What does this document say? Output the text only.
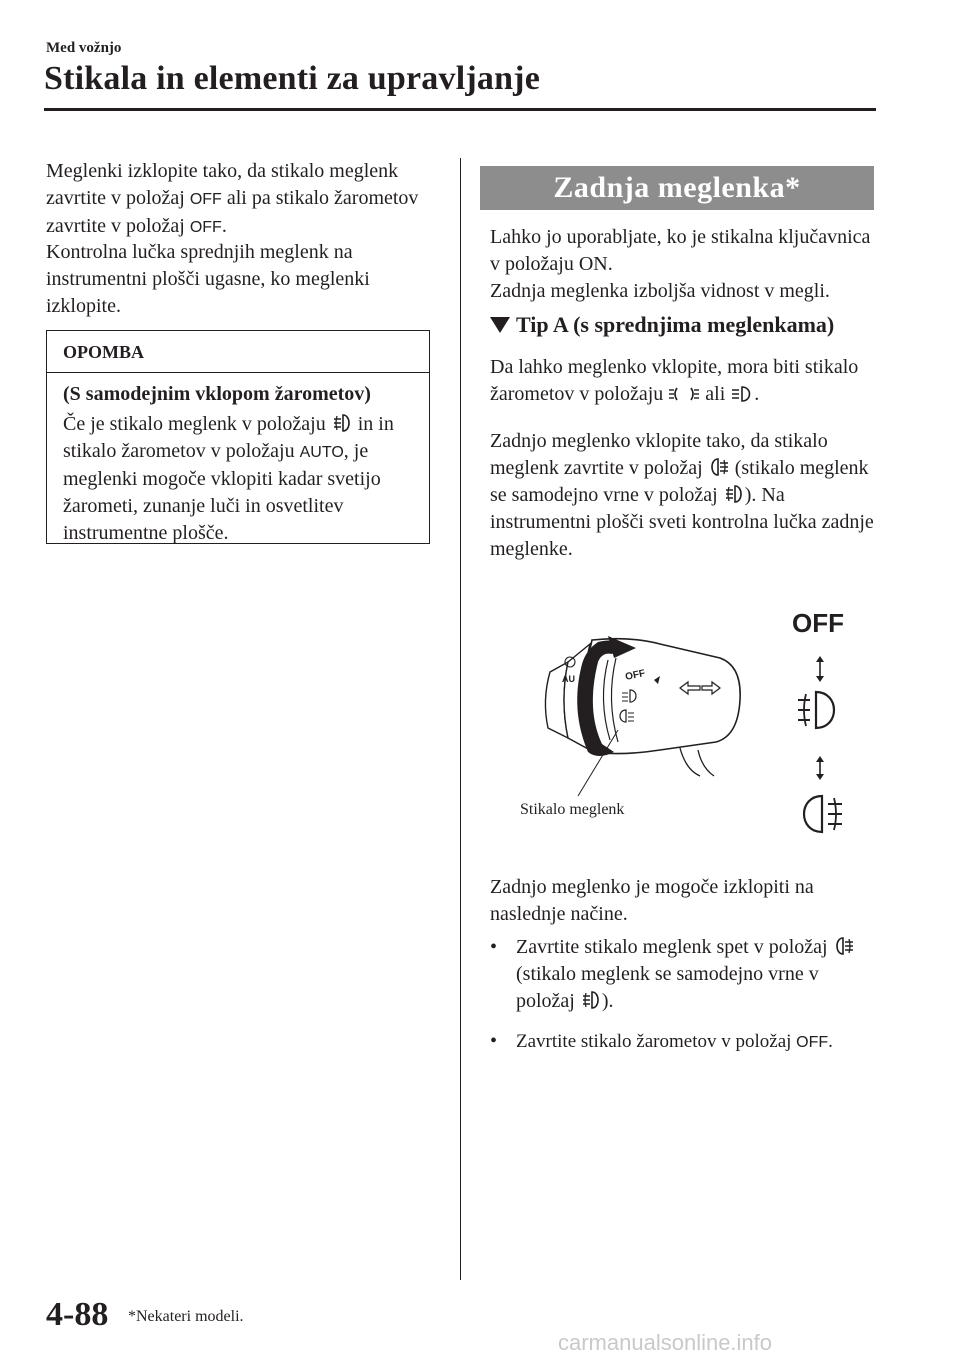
Med vožnjo
Stikala in elementi za upravljanje
Meglenki izklopite tako, da stikalo meglenk zavrtite v položaj OFF ali pa stikalo žarometov zavrtite v položaj OFF.
Kontrolna lučka sprednjih meglenk na instrumentni plošči ugasne, ko meglenki izklopite.
OPOMBA
(S samodejnim vklopom žarometov)
Če je stikalo meglenk v položaju in in stikalo žarometov v položaju AUTO, je meglenki mogoče vklopiti kadar svetijo žarometi, zunanje luči in osvetlitev instrumentne plošče.
Zadnja meglenka*
Lahko jo uporabljate, ko je stikalna ključavnica v položaju ON.
Zadnja meglenka izboljša vidnost v megli.
Tip A (s sprednjima meglenkama)
Da lahko meglenko vklopite, mora biti stikalo žarometov v položaju ali .
Zadnjo meglenko vklopite tako, da stikalo meglenk zavrtite v položaj (stikalo meglenk se samodejno vrne v položaj ). Na instrumentni plošči sveti kontrolna lučka zadnje meglenke.
OFF
AU
Stikalo meglenk
OFF
Zadnjo meglenko je mogoče izklopiti na naslednje načine.
• Zavrtite stikalo meglenk spet v položaj  (stikalo meglenk se samodejno vrne v položaj ).
• Zavrtite stikalo žarometov v položaj OFF.
4-88 *Nekateri modeli.
carmanualsonline.info
